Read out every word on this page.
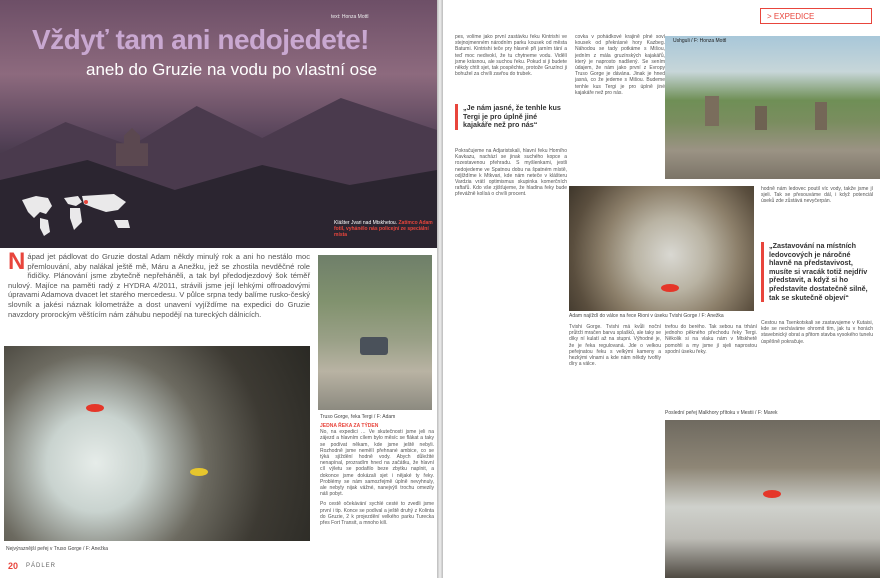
text: Honza Mottl
Vždyť tam ani nedojedete!
aneb do Gruzie na vodu po vlastní ose
Klášter Jvari nad Mtskhetou. Zatímco Adam fotil, vyhánělo nás policejní ze speciální místa
N ápad jet pádlovat do Gruzie dostal Adam někdy minulý rok a ani ho nestálo moc přemlouvání, aby nalákal ještě mě, Máru a Anežku, jež se zhostila nevděčné role řidičky. Plánování jsme zbytečně nepřeháněli, a tak byl předodjezdový šok téměř nulový. Majíce na paměti radý z HYDRA 4/2011, strávili jsme její lehkými offroadovými úpravami Adamova dvacet let starého mercedesu. V půlce srpna tedy balíme rusko-český slovník a jakési náznak kilometráže a dost unavení vyjíždíme na expedici do Gruzie navzdory prorockým věštícím nám záhubu nepodějí na tureckých dálnicích.
Nejvýraznější peřej v Truso Gorge / F: Anežka
20 PÁDLER
Truso Gorge, řeka Tergi / F: Adam
JEDNA ŘEKA ZA TÝDEN
No, na expedici … Ve skutečnosti jsme jeli na zájezd a hlavním cílem bylo měsíc se flákat a taky se podívat někam, kde jsme ještě nebyli. Rozhodně jsme nemělí přehnané ambice, co se týká sjíždění hodně vody. Abych důležité nenapínal, prozradím hned na začátku, že hlavní cíl výletu se podařilo beze zbytku naplnit, a dokonce jsme dokázali sjet i nějaké ty řeky. Problémy se nám samozřejmě úplně nevyhnuly, ale nebyly nijak vážné, nanejvýš trochu omezily náš pobyt.
Po cestě očekávání sychlé cesté to zvedli jsme první i tip. Konce se podíval a ještě druhý z Kolinta do Gruzie, 2 k projezdění velkého parku Turecka přes Fort Transit, a mnoho kilí.
> EXPEDICE
pes, volíme jako první zastávku řeku Kintrishi ve stejnojmenném národním parku kousek od města Batumi. Kintrishi teče pry hlavně při jarním tání a teď moc nedivokí, že tu chytneme vodu. Vidělí jsme krásnou, ale suchou řeku. Pokud si ji budete někdy chtít sjet, tak pospěchte, protože Gruzínci ji bohužel za chvíli zavřou do trubek.
„Je nám jasné, že tenhle kus Tergi je pro úplně jiné kajakáře než pro nás“
Pokračujeme na Adjaristskali, hlavní řeku Horního Kavkazu, nachází se jinak suchého kopce a rozestavenou přehradu. S myšlenkami, jestli nedojedeme ve Spatnou dobu na špatném místě, odjíždíme k Mtkvari, kde nám neteče v klášteru Vardzia vrátí optimismus skupinka komerčních raftařů. Kdo vše zjišťujeme, že hladina řeky bude převážně kolísá o chvíli procent.
covka v pohádkové krajině plné soví kousek od překrásné hory Kazbeg. Náhodou se tady potkáme s Mišou, jedním z mála gruzínských kajakářů, který je naprosto nadšený. Se sením údajem, že nám jako první z Evropy Truso Gorge je dávána. Jinak je hned jasná, co že jedeme s Mišou. Budeme tenhle kus Tergi je pro úplně jiné kajakáře než pro nás.
Ushguli / F: Honza Mottl
Adam najíždí do válce na řece Rioni v úseku Tvishi Gorge / F: Anežka
Tvishi Gorge. Tvishi má kvůli noční průtrži mračen barvu splašků, ale taky se díky ní kulatí až na stupni. Výhodné je, že je řeka regulovaná. Jde o velkou peřejnatou řeku s velkými kameny a hezkými vlnami a kde nám někdy tvořily díry a válce.
trefou do berého. Tak sebou na trhání jednoho pěkného přechodu řeky Tergi. Několik si na vlaku nám v Mtskhetě pomohli a my jsme jí sjeli naprostou spodní úseku řeky.
„Zastavování na místních ledovcových je náročné hlavně na představivost, musíte si vracák totiž nejdřív představit, a když si ho představíte dostatečně silně, tak se skutečně objeví“
hodně nám ledovec poutil víc vody, takže jsme jí sjeli. Tak se přesouváme dál, i když potenciál úseků zde zůstává nevyčerpán.
Cestou na Tsenkotskali se zastavujeme v Kutaisi, kde se necháváme ohromit tím, jak tu v horách stavebnický obrat a přitom stavba vysokého tunelu úspěšně pokračuje.
Poslední peřej Malkhory přítoku v Mestii / F: Marek
